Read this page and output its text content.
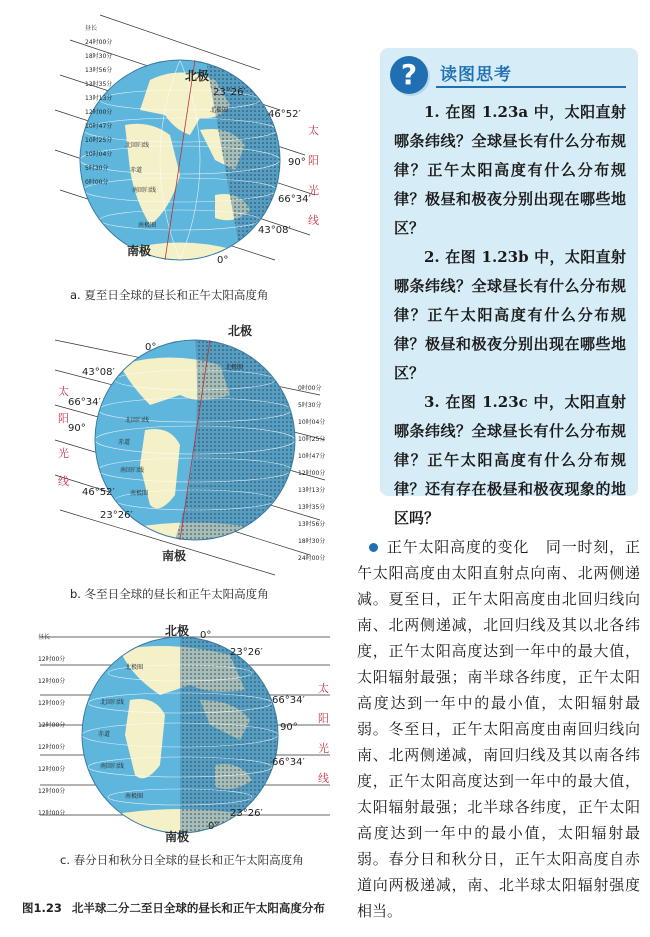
北极
南极
23°26′
46°52′
90°
66°34′
43°08′
0°
太
阳
光
线
昼长
24时00分
18时30分
13时56分
13时35分
13时13分
12时00分
10时47分
10时25分
10时04分
5时30分
0时00分
北极圈
北回归线
赤道
南回归线
南极圈
a. 夏至日全球的昼长和正午太阳高度角
北极
南极
0°
43°08′
66°34′
90°
46°52′
23°26′
太
阳
光
线
0时00分
5时30分
10时04分
10时25分
10时47分
12时00分
13时13分
13时35分
13时56分
18时30分
24时00分
北极圈
北回归线
赤道
南回归线
南极圈
b. 冬至日全球的昼长和正午太阳高度角
北极
南极
0°
23°26′
66°34′
90°
66°34′
23°26′
0°
太
阳
光
线
昼长
12时00分
12时00分
12时00分
12时00分
12时00分
12时00分
12时00分
12时00分
北极圈
北回归线
赤道
南回归线
南极圈
c. 春分日和秋分日全球的昼长和正午太阳高度角
图1.23 北半球二分二至日全球的昼长和正午太阳高度分布
?	读图思考

1. 在图 1.23a 中，太阳直射哪条纬线？全球昼长有什么分布规律？正午太阳高度有什么分布规律？极昼和极夜分别出现在哪些地区？

2. 在图 1.23b 中，太阳直射哪条纬线？全球昼长有什么分布规律？正午太阳高度有什么分布规律？极昼和极夜分别出现在哪些地区？

3. 在图 1.23c 中，太阳直射哪条纬线？全球昼长有什么分布规律？正午太阳高度有什么分布规律？还有存在极昼和极夜现象的地区吗？

正午太阳高度的变化 同一时刻，正午太阳高度由太阳直射点向南、北两侧递减。夏至日，正午太阳高度由北回归线向南、北两侧递减，北回归线及其以北各纬度，正午太阳高度达到一年中的最大值，太阳辐射最强；南半球各纬度，正午太阳高度达到一年中的最小值，太阳辐射最弱。冬至日，正午太阳高度由南回归线向南、北两侧递减，南回归线及其以南各纬度，正午太阳高度达到一年中的最大值，太阳辐射最强；北半球各纬度，正午太阳高度达到一年中的最小值，太阳辐射最弱。春分日和秋分日，正午太阳高度自赤道向两极递减，南、北半球太阳辐射强度相当。
